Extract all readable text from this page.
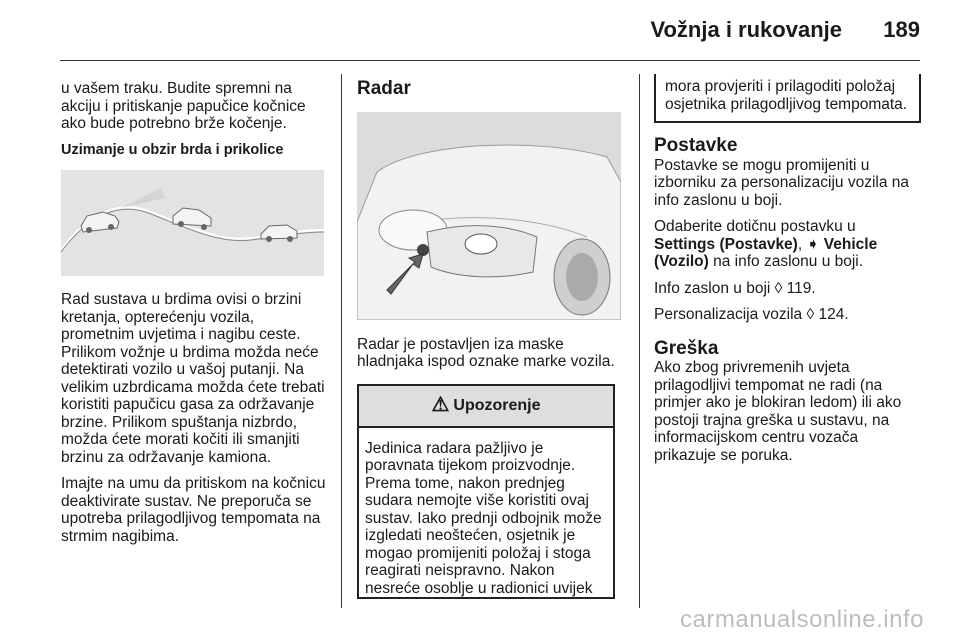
Vožnja i rukovanje 189

u vašem traku. Budite spremni na akciju i pritiskanje papučice kočnice ako bude potrebno brže kočenje.

Uzimanje u obzir brda i prikolice

Rad sustava u brdima ovisi o brzini kretanja, opterećenju vozila, prometnim uvjetima i nagibu ceste. Prilikom vožnje u brdima možda neće detektirati vozilo u vašoj putanji. Na velikim uzbrdicama možda ćete trebati koristiti papučicu gasa za održavanje brzine. Prilikom spuštanja nizbrdo, možda ćete morati kočiti ili smanjiti brzinu za održavanje kamiona.

Imajte na umu da pritiskom na kočnicu deaktivirate sustav. Ne preporuča se upotreba prilagodljivog tempomata na strmim nagibima.

Radar

Radar je postavljen iza maske hladnjaka ispod oznake marke vozila.

⚠ Upozorenje
Jedinica radara pažljivo je poravnata tijekom proizvodnje. Prema tome, nakon prednjeg sudara nemojte više koristiti ovaj sustav. Iako prednji odbojnik može izgledati neoštećen, osjetnik je mogao promijeniti položaj i stoga reagirati neispravno. Nakon nesreće osoblje u radionici uvijek
mora provjeriti i prilagoditi položaj osjetnika prilagodljivog tempomata.
Postavke

Postavke se mogu promijeniti u izborniku za personalizaciju vozila na info zaslonu u boji.

Odaberite dotičnu postavku u
Settings (Postavke), ➧ Vehicle (Vozilo) na info zaslonu u boji.

Info zaslon u boji ◊ 119.

Personalizacija vozila ◊ 124.

Greška

Ako zbog privremenih uvjeta prilagodljivi tempomat ne radi (na primjer ako je blokiran ledom) ili ako postoji trajna greška u sustavu, na informacijskom centru vozača prikazuje se poruka.

carmanualsonline.info
